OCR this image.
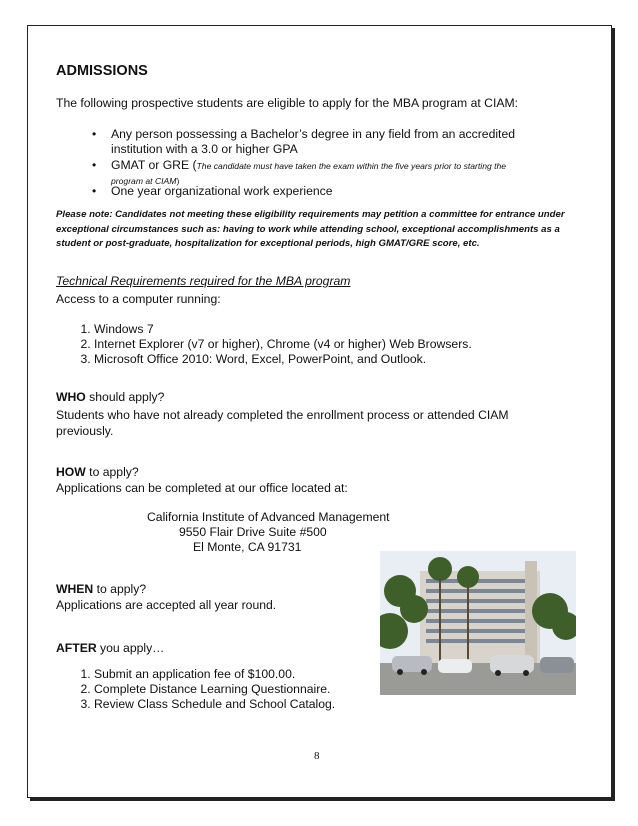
ADMISSIONS
The following prospective students are eligible to apply for the MBA program at CIAM:
• Any person possessing a Bachelor’s degree in any field from an accredited
institution with a 3.0 or higher GPA
• GMAT or GRE (The candidate must have taken the exam within the five years prior to starting the
program at CIAM)
• One year organizational work experience
Please note: Candidates not meeting these eligibility requirements may petition a committee for entrance under exceptional circumstances such as: having to work while attending school, exceptional accomplishments as a student or post-graduate, hospitalization for exceptional periods, high GMAT/GRE score, etc.
Technical Requirements required for the MBA program
Access to a computer running:
1. Windows 7
2. Internet Explorer (v7 or higher), Chrome (v4 or higher) Web Browsers.
3. Microsoft Office 2010: Word, Excel, PowerPoint, and Outlook.
WHO should apply?
Students who have not already completed the enrollment process or attended CIAM
previously.
HOW to apply?
Applications can be completed at our office located at:
California Institute of Advanced Management
9550 Flair Drive Suite #500
El Monte, CA 91731
WHEN to apply?
Applications are accepted all year round.
AFTER you apply…
1. Submit an application fee of $100.00.
2. Complete Distance Learning Questionnaire.
3. Review Class Schedule and School Catalog.
8
